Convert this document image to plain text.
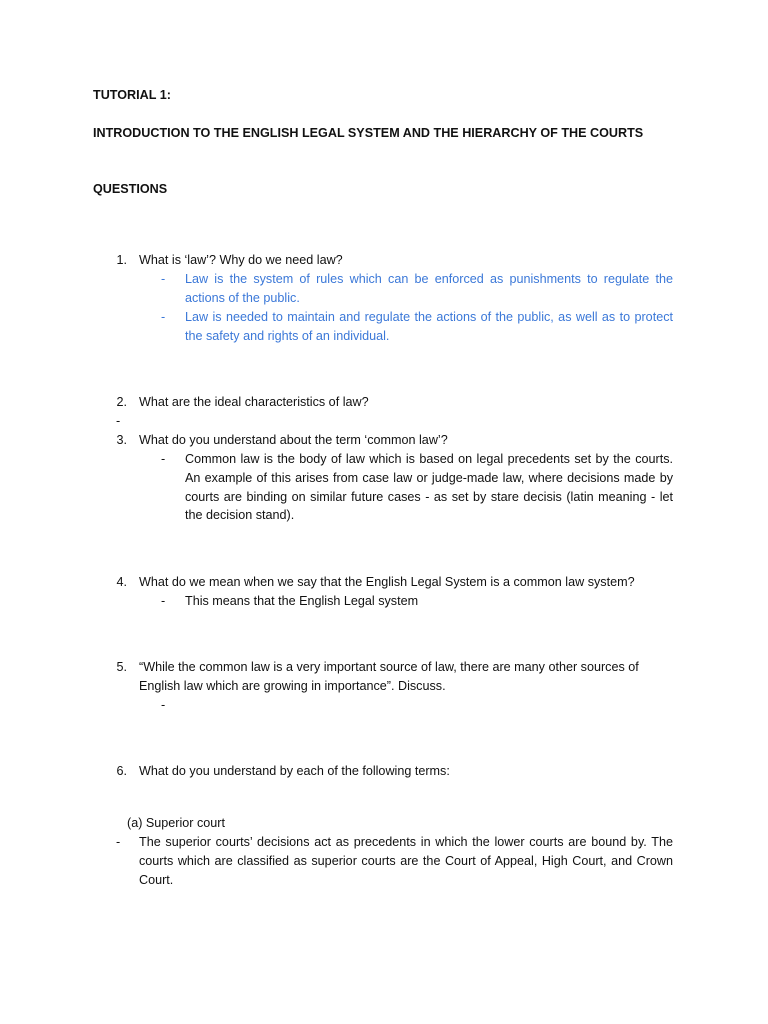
TUTORIAL 1:
INTRODUCTION TO THE ENGLISH LEGAL SYSTEM AND THE HIERARCHY OF THE COURTS
QUESTIONS
1. What is ‘law’? Why do we need law?
- Law is the system of rules which can be enforced as punishments to regulate the actions of the public.
- Law is needed to maintain and regulate the actions of the public, as well as to protect the safety and rights of an individual.
2. What are the ideal characteristics of law?
-
3. What do you understand about the term ‘common law’?
- Common law is the body of law which is based on legal precedents set by the courts. An example of this arises from case law or judge-made law, where decisions made by courts are binding on similar future cases - as set by stare decisis (latin meaning - let the decision stand).
4. What do we mean when we say that the English Legal System is a common law system?
- This means that the English Legal system
5. “While the common law is a very important source of law, there are many other sources of
English law which are growing in importance”. Discuss.
-
6. What do you understand by each of the following terms:
(a) Superior court
- The superior courts’ decisions act as precedents in which the lower courts are bound by. The courts which are classified as superior courts are the Court of Appeal, High Court, and Crown Court.
